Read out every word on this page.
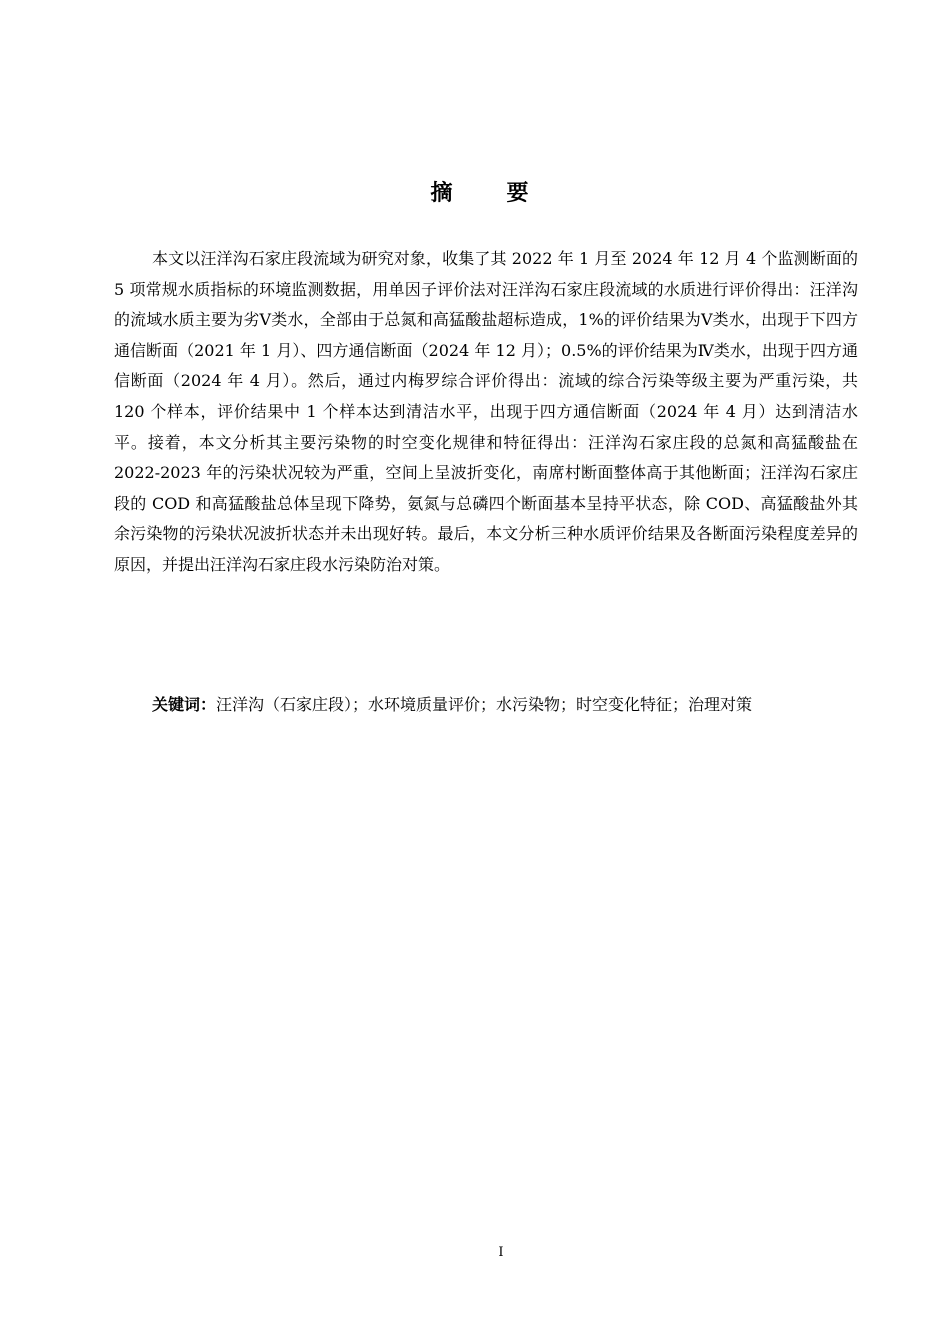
摘　要

本文以汪洋沟石家庄段流域为研究对象，收集了其 2022 年 1 月至 2024 年 12 月 4 个监测断面的 5 项常规水质指标的环境监测数据，用单因子评价法对汪洋沟石家庄段流域的水质进行评价得出：汪洋沟的流域水质主要为劣Ⅴ类水，全部由于总氮和高猛酸盐超标造成，1%的评价结果为Ⅴ类水，出现于下四方通信断面（2021 年 1 月）、四方通信断面（2024 年 12 月）；0.5%的评价结果为Ⅳ类水，出现于四方通信断面（2024 年 4 月）。然后，通过内梅罗综合评价得出：流域的综合污染等级主要为严重污染，共 120 个样本，评价结果中 1 个样本达到清洁水平，出现于四方通信断面（2024 年 4 月）达到清洁水平。接着，本文分析其主要污染物的时空变化规律和特征得出：汪洋沟石家庄段的总氮和高猛酸盐在 2022-2023 年的污染状况较为严重，空间上呈波折变化，南席村断面整体高于其他断面；汪洋沟石家庄段的 COD 和高猛酸盐总体呈现下降势，氨氮与总磷四个断面基本呈持平状态，除 COD、高猛酸盐外其余污染物的污染状况波折状态并未出现好转。最后，本文分析三种水质评价结果及各断面污染程度差异的原因，并提出汪洋沟石家庄段水污染防治对策。

关键词：汪洋沟（石家庄段）；水环境质量评价；水污染物；时空变化特征；治理对策

I
